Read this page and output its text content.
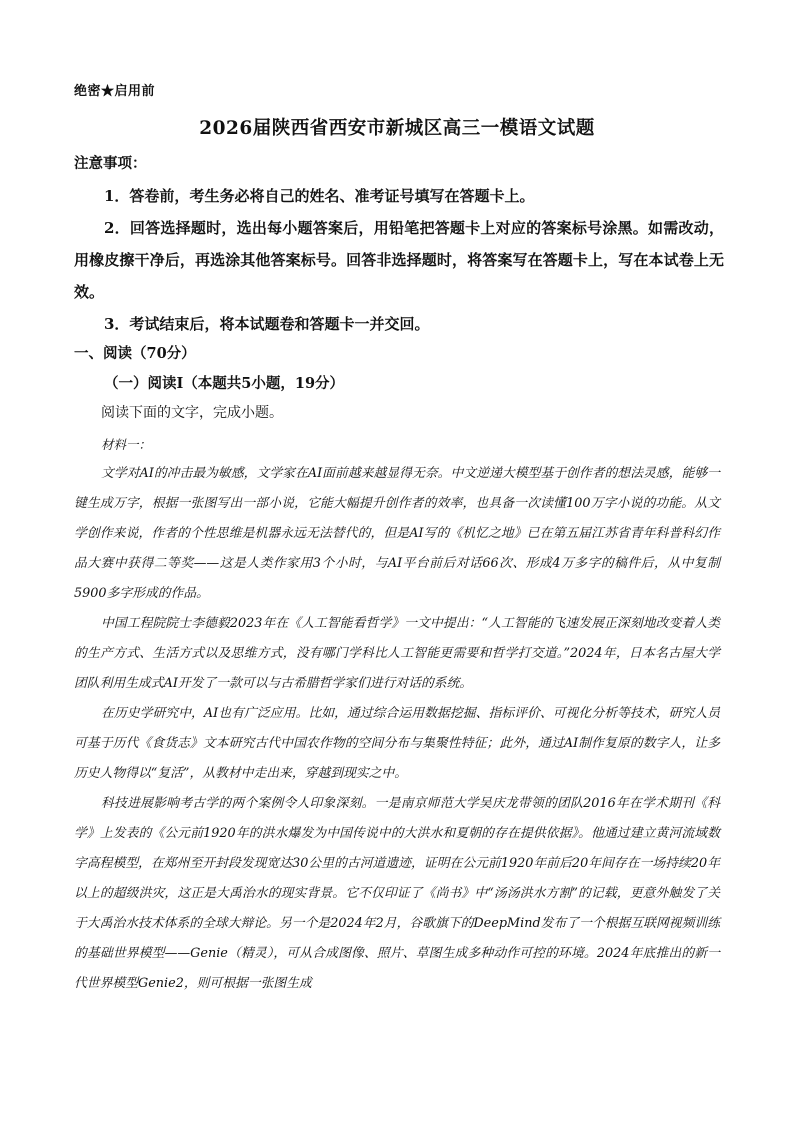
绝密★启用前
2026届陕西省西安市新城区高三一模语文试题
注意事项：

1．答卷前，考生务必将自己的姓名、准考证号填写在答题卡上。

2．回答选择题时，选出每小题答案后，用铅笔把答题卡上对应的答案标号涂黑。如需改动，用橡皮擦干净后，再选涂其他答案标号。回答非选择题时，将答案写在答题卡上，写在本试卷上无效。

3．考试结束后，将本试题卷和答题卡一并交回。

一、阅读（70分）
（一）阅读Ⅰ（本题共5小题，19分）
阅读下面的文字，完成小题。
材料一：

文学对AI的冲击最为敏感，文学家在AI面前越来越显得无奈。中文逆递大模型基于创作者的想法灵感，能够一键生成万字，根据一张图写出一部小说，它能大幅提升创作者的效率，也具备一次读懂100万字小说的功能。从文学创作来说，作者的个性思维是机器永远无法替代的，但是AI写的《机忆之地》已在第五届江苏省青年科普科幻作品大赛中获得二等奖——这是人类作家用3个小时，与AI平台前后对话66次、形成4万多字的稿件后，从中复制5900多字形成的作品。

中国工程院院士李德毅2023年在《人工智能看哲学》一文中提出：“人工智能的飞速发展正深刻地改变着人类的生产方式、生活方式以及思维方式，没有哪门学科比人工智能更需要和哲学打交道。”2024年，日本名古屋大学团队利用生成式AI开发了一款可以与古希腊哲学家们进行对话的系统。

在历史学研究中，AI也有广泛应用。比如，通过综合运用数据挖掘、指标评价、可视化分析等技术，研究人员可基于历代《食货志》文本研究古代中国农作物的空间分布与集聚性特征；此外，通过AI制作复原的数字人，让多历史人物得以“复活”，从教材中走出来，穿越到现实之中。

科技进展影响考古学的两个案例令人印象深刻。一是南京师范大学吴庆龙带领的团队2016年在学术期刊《科学》上发表的《公元前1920年的洪水爆发为中国传说中的大洪水和夏朝的存在提供依据》。他通过建立黄河流域数字高程模型，在郑州至开封段发现宽达30公里的古河道遗迹，证明在公元前1920年前后20年间存在一场持续20年以上的超级洪灾，这正是大禹治水的现实背景。它不仅印证了《尚书》中“汤汤洪水方割”的记载，更意外触发了关于大禹治水技术体系的全球大辩论。另一个是2024年2月，谷歌旗下的DeepMind发布了一个根据互联网视频训练的基础世界模型——Genie（精灵），可从合成图像、照片、草图生成多种动作可控的环境。2024年底推出的新一代世界模型Genie2，则可根据一张图生成
